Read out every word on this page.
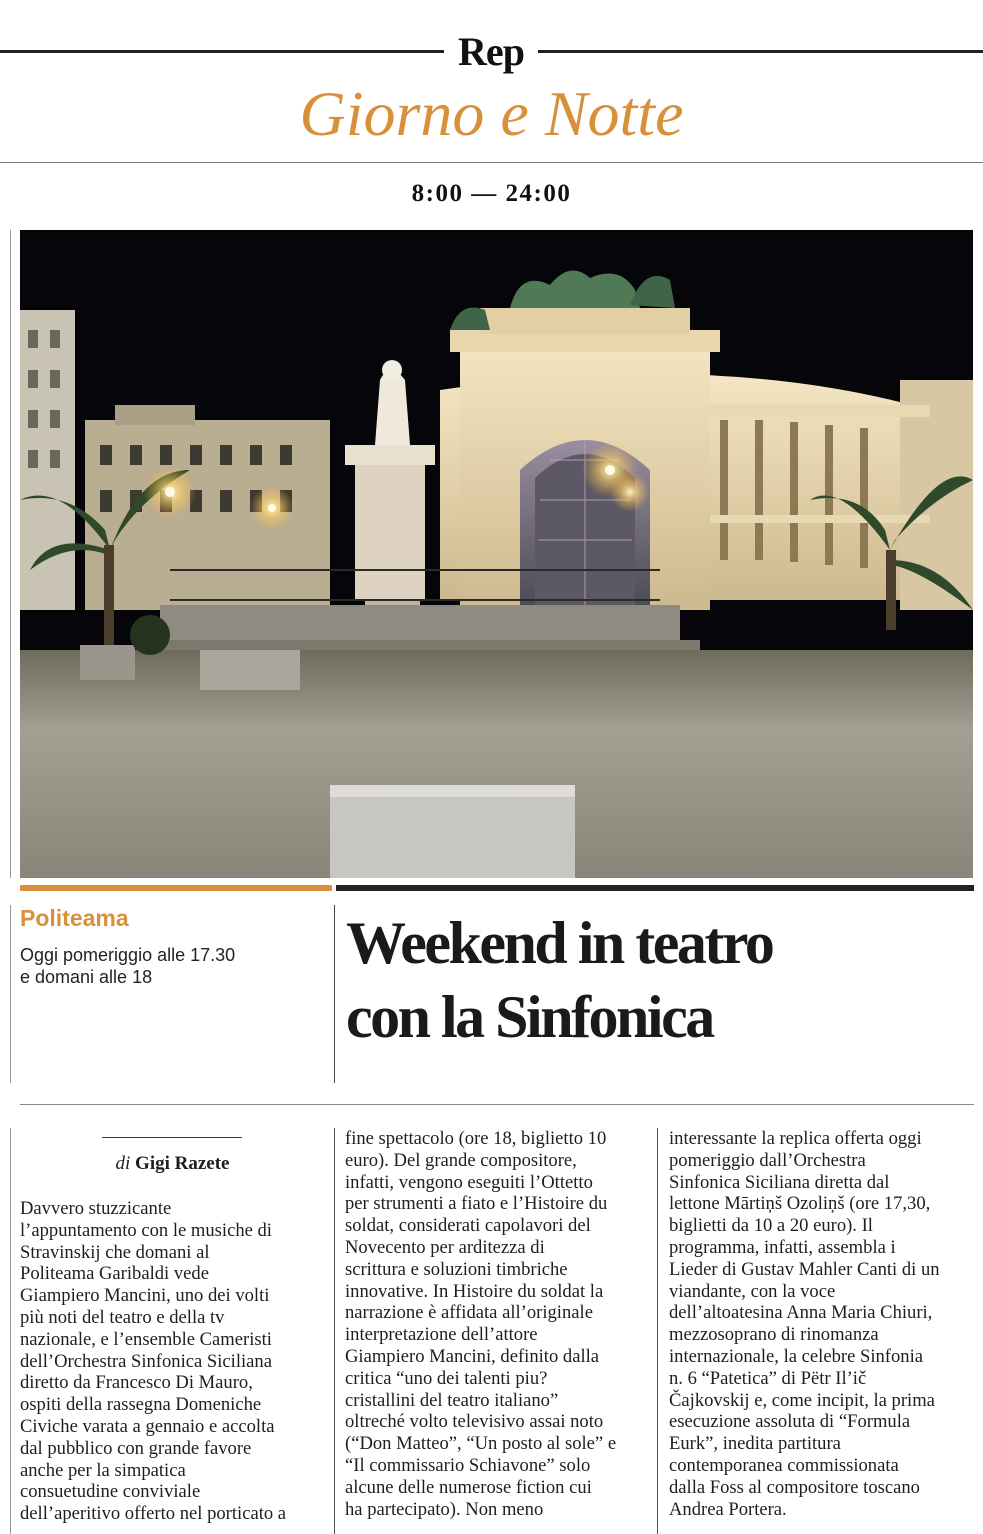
Rep
Giorno e Notte
8:00 — 24:00
Politeama
Oggi pomeriggio alle 17.30
e domani alle 18
Weekend in teatro
con la Sinfonica
di Gigi Razete
Davvero stuzzicante
l’appuntamento con le musiche di
Stravinskij che domani al
Politeama Garibaldi vede
Giampiero Mancini, uno dei volti
più noti del teatro e della tv
nazionale, e l’ensemble Cameristi
dell’Orchestra Sinfonica Siciliana
diretto da Francesco Di Mauro,
ospiti della rassegna Domeniche
Civiche varata a gennaio e accolta
dal pubblico con grande favore
anche per la simpatica
consuetudine conviviale
dell’aperitivo offerto nel porticato a
fine spettacolo (ore 18, biglietto 10
euro). Del grande compositore,
infatti, vengono eseguiti l’Ottetto
per strumenti a fiato e l’Histoire du
soldat, considerati capolavori del
Novecento per arditezza di
scrittura e soluzioni timbriche
innovative. In Histoire du soldat la
narrazione è affidata all’originale
interpretazione dell’attore
Giampiero Mancini, definito dalla
critica “uno dei talenti piu?
cristallini del teatro italiano”
oltreché volto televisivo assai noto
(“Don Matteo”, “Un posto al sole” e
“Il commissario Schiavone” solo
alcune delle numerose fiction cui
ha partecipato). Non meno
interessante la replica offerta oggi
pomeriggio dall’Orchestra
Sinfonica Siciliana diretta dal
lettone Mārtiņš Ozoliņš (ore 17,30,
biglietti da 10 a 20 euro). Il
programma, infatti, assembla i
Lieder di Gustav Mahler Canti di un
viandante, con la voce
dell’altoatesina Anna Maria Chiuri,
mezzosoprano di rinomanza
internazionale, la celebre Sinfonia
n. 6 “Patetica” di Pëtr Il’ič
Čajkovskij e, come incipit, la prima
esecuzione assoluta di “Formula
Eurk”, inedita partitura
contemporanea commissionata
dalla Foss al compositore toscano
Andrea Portera.
